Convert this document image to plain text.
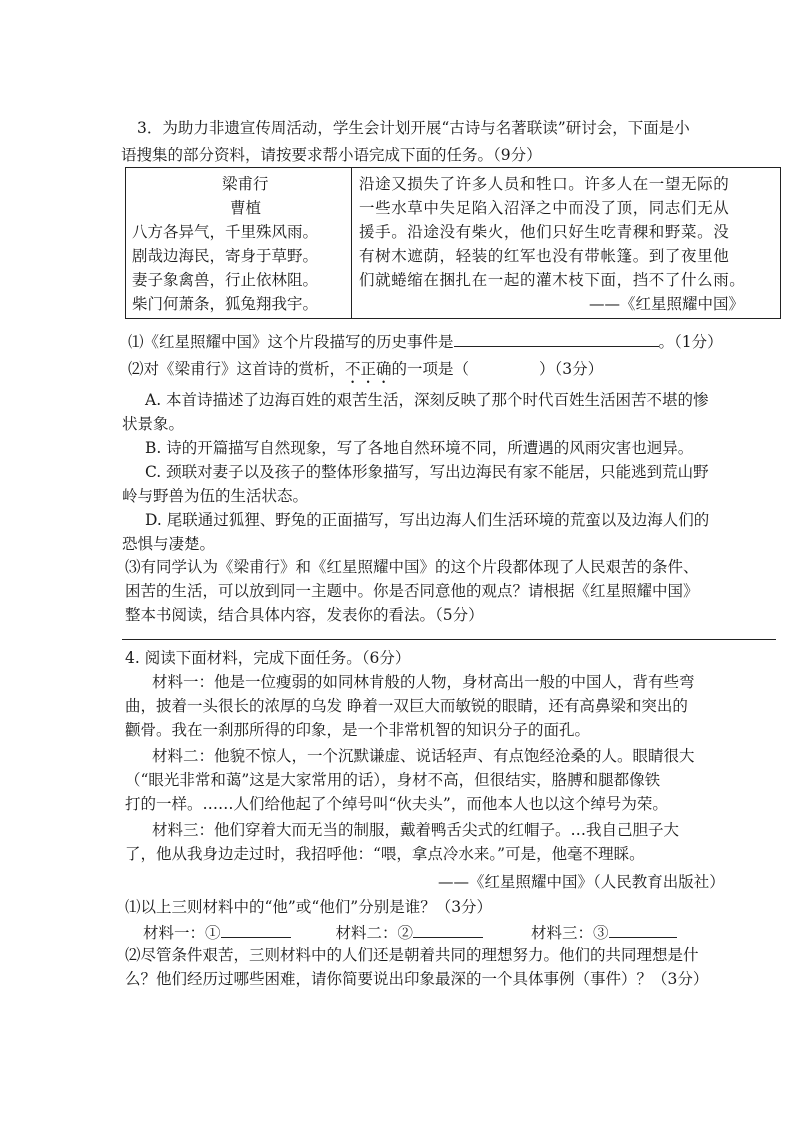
3．为助力非遗宣传周活动，学生会计划开展“古诗与名著联读”研讨会，下面是小
语搜集的部分资料，请按要求帮小语完成下面的任务。（9分）
梁甫行
曹植
八方各异气，千里殊风雨。
剧哉边海民，寄身于草野。
妻子象禽兽，行止依林阻。
柴门何萧条，狐兔翔我宇。
沿途又损失了许多人员和牲口。许多人在一望无际的
一些水草中失足陷入沼泽之中而没了顶，同志们无从
援手。沿途没有柴火，他们只好生吃青稞和野菜。没
有树木遮荫，轻装的红军也没有带帐篷。到了夜里他
们就蜷缩在捆扎在一起的灌木枝下面，挡不了什么雨。
——《红星照耀中国》
⑴《红星照耀中国》这个片段描写的历史事件是	。（1分）
⑵对《梁甫行》这首诗的赏析，不正确的一项是（	）（3分）
A. 本首诗描述了边海百姓的艰苦生活，深刻反映了那个时代百姓生活困苦不堪的惨
状景象。
B. 诗的开篇描写自然现象，写了各地自然环境不同，所遭遇的风雨灾害也迥异。
C. 颈联对妻子以及孩子的整体形象描写，写出边海民有家不能居，只能逃到荒山野
岭与野兽为伍的生活状态。
D. 尾联通过狐狸、野兔的正面描写，写出边海人们生活环境的荒蛮以及边海人们的
恐惧与凄楚。
⑶有同学认为《梁甫行》和《红星照耀中国》的这个片段都体现了人民艰苦的条件、
困苦的生活，可以放到同一主题中。你是否同意他的观点？请根据《红星照耀中国》
整本书阅读，结合具体内容，发表你的看法。（5分）
4. 阅读下面材料，完成下面任务。（6分）
材料一：他是一位瘦弱的如同林肯般的人物，身材高出一般的中国人，背有些弯
曲，披着一头很长的浓厚的乌发 睁着一双巨大而敏锐的眼睛，还有高鼻梁和突出的
颧骨。我在一刹那所得的印象，是一个非常机智的知识分子的面孔。
材料二：他貌不惊人，一个沉默谦虚、说话轻声、有点饱经沧桑的人。眼睛很大
（“眼光非常和蔼”这是大家常用的话），身材不高，但很结实，胳膊和腿都像铁
打的一样。……人们给他起了个绰号叫“伙夫头”，而他本人也以这个绰号为荣。
材料三：他们穿着大而无当的制服，戴着鸭舌尖式的红帽子。…我自己胆子大
了，他从我身边走过时，我招呼他：“喂，拿点冷水来。”可是，他毫不理睬。
——《红星照耀中国》（人民教育出版社）
⑴以上三则材料中的“他”或“他们”分别是谁？（3分）
材料一：①	材料二：②	材料三：③
⑵尽管条件艰苦，三则材料中的人们还是朝着共同的理想努力。他们的共同理想是什
么？他们经历过哪些困难，请你简要说出印象最深的一个具体事例（事件）？（3分）
